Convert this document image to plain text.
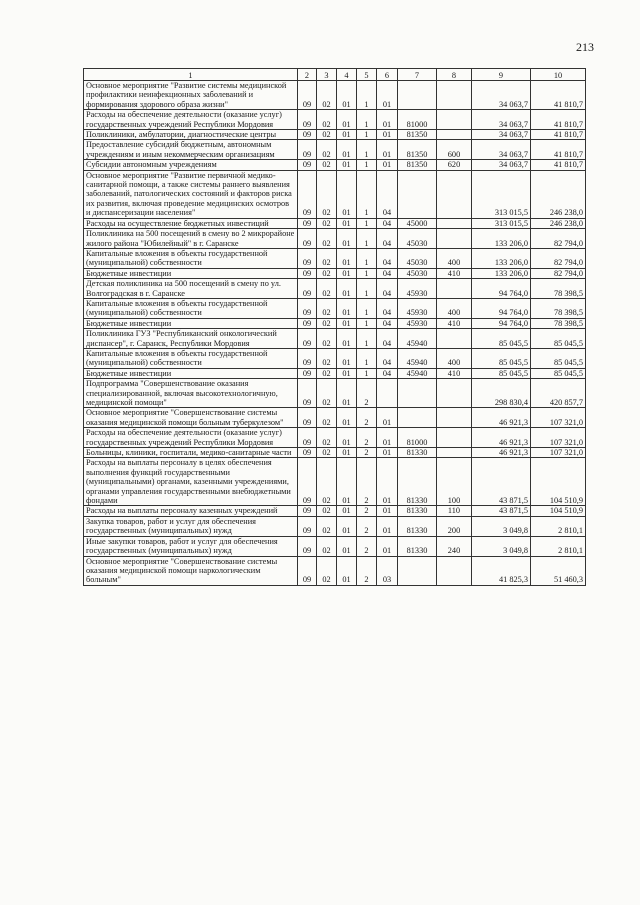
213
1	2	3	4	5	6	7	8	9	10
Основное мероприятие "Развитие системы медицинской профилактики неинфекционных заболеваний и формирования здорового образа жизни"	09	02	01	1	01			34 063,7	41 810,7
Расходы на обеспечение деятельности (оказание услуг) государственных учреждений Республики Мордовия	09	02	01	1	01	81000		34 063,7	41 810,7
Поликлиники, амбулатории, диагностические центры	09	02	01	1	01	81350		34 063,7	41 810,7
Предоставление субсидий бюджетным, автономным учреждениям и иным некоммерческим организациям	09	02	01	1	01	81350	600	34 063,7	41 810,7
Субсидии автономным учреждениям	09	02	01	1	01	81350	620	34 063,7	41 810,7
Основное мероприятие "Развитие первичной медико-санитарной помощи, а также системы раннего выявления заболеваний, патологических состояний и факторов риска их развития, включая проведение медицинских осмотров и диспансеризации населения"	09	02	01	1	04			313 015,5	246 238,0
Расходы на осуществление бюджетных инвестиций	09	02	01	1	04	45000		313 015,5	246 238,0
Поликлиника на 500 посещений в смену во 2 микрорайоне жилого района "Юбилейный" в г. Саранске	09	02	01	1	04	45030		133 206,0	82 794,0
Капитальные вложения в объекты государственной (муниципальной) собственности	09	02	01	1	04	45030	400	133 206,0	82 794,0
Бюджетные инвестиции	09	02	01	1	04	45030	410	133 206,0	82 794,0
Детская поликлиника на 500 посещений в смену по ул. Волгоградская в г. Саранске	09	02	01	1	04	45930		94 764,0	78 398,5
Капитальные вложения в объекты государственной (муниципальной) собственности	09	02	01	1	04	45930	400	94 764,0	78 398,5
Бюджетные инвестиции	09	02	01	1	04	45930	410	94 764,0	78 398,5
Поликлиника ГУЗ "Республиканский онкологический диспансер", г. Саранск, Республики Мордовия	09	02	01	1	04	45940		85 045,5	85 045,5
Капитальные вложения в объекты государственной (муниципальной) собственности	09	02	01	1	04	45940	400	85 045,5	85 045,5
Бюджетные инвестиции	09	02	01	1	04	45940	410	85 045,5	85 045,5
Подпрограмма "Совершенствование оказания специализированной, включая высокотехнологичную, медицинской помощи"	09	02	01	2				298 830,4	420 857,7
Основное мероприятие "Совершенствование системы оказания медицинской помощи больным туберкулезом"	09	02	01	2	01			46 921,3	107 321,0
Расходы на обеспечение деятельности (оказание услуг) государственных учреждений Республики Мордовия	09	02	01	2	01	81000		46 921,3	107 321,0
Больницы, клиники, госпитали, медико-санитарные части	09	02	01	2	01	81330		46 921,3	107 321,0
Расходы на выплаты персоналу в целях обеспечения выполнения функций государственными (муниципальными) органами, казенными учреждениями, органами управления государственными внебюджетными фондами	09	02	01	2	01	81330	100	43 871,5	104 510,9
Расходы на выплаты персоналу казенных учреждений	09	02	01	2	01	81330	110	43 871,5	104 510,9
Закупка товаров, работ и услуг для обеспечения государственных (муниципальных) нужд	09	02	01	2	01	81330	200	3 049,8	2 810,1
Иные закупки товаров, работ и услуг для обеспечения государственных (муниципальных) нужд	09	02	01	2	01	81330	240	3 049,8	2 810,1
Основное мероприятие "Совершенствование системы оказания медицинской помощи наркологическим больным"	09	02	01	2	03			41 825,3	51 460,3
